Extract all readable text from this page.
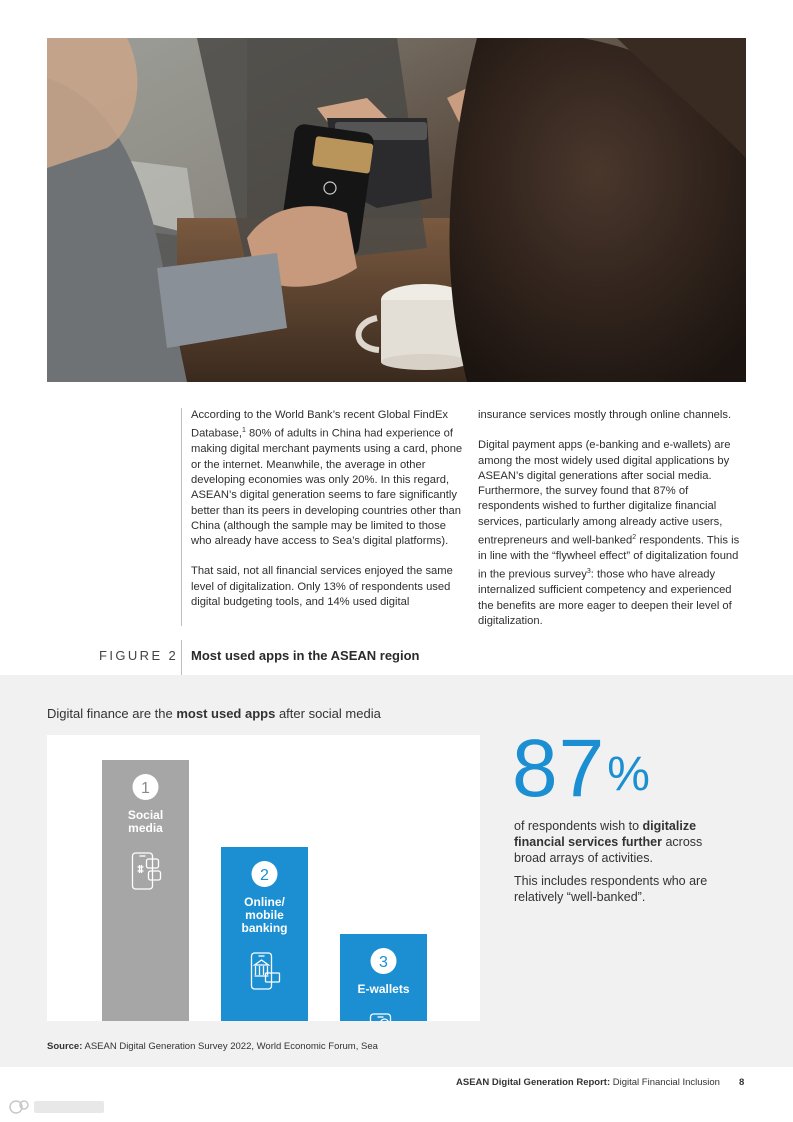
According to the World Bank’s recent Global FindEx Database,$^1$ 80% of adults in China had experience of making digital merchant payments using a card, phone or the internet. Meanwhile, the average in other developing economies was only 20%. In this regard, ASEAN’s digital generation seems to fare significantly better than its peers in developing countries other than China (although the sample may be limited to those who already have access to Sea’s digital platforms).

That said, not all financial services enjoyed the same level of digitalization. Only 13% of respondents used digital budgeting tools, and 14% used digital

insurance services mostly through online channels.

Digital payment apps (e-banking and e-wallets) are among the most widely used digital applications by ASEAN’s digital generations after social media. Furthermore, the survey found that 87% of respondents wished to further digitalize financial services, particularly among already active users, entrepreneurs and well-banked$^2$ respondents. This is in line with the “flywheel effect” of digitalization found in the previous survey$^3$: those who have already internalized sufficient competency and experienced the benefits are more eager to deepen their level of digitalization.

FIGURE 2 Most used apps in the ASEAN region
Digital finance are the most used apps after social media
1
Social
media
2
Online/
mobile
banking
3
E-wallets
87%

of respondents wish to digitalize financial services further across broad arrays of activities.

This includes respondents who are relatively “well-banked”.

Source: ASEAN Digital Generation Survey 2022, World Economic Forum, Sea
ASEAN Digital Generation Report: Digital Financial Inclusion 8
